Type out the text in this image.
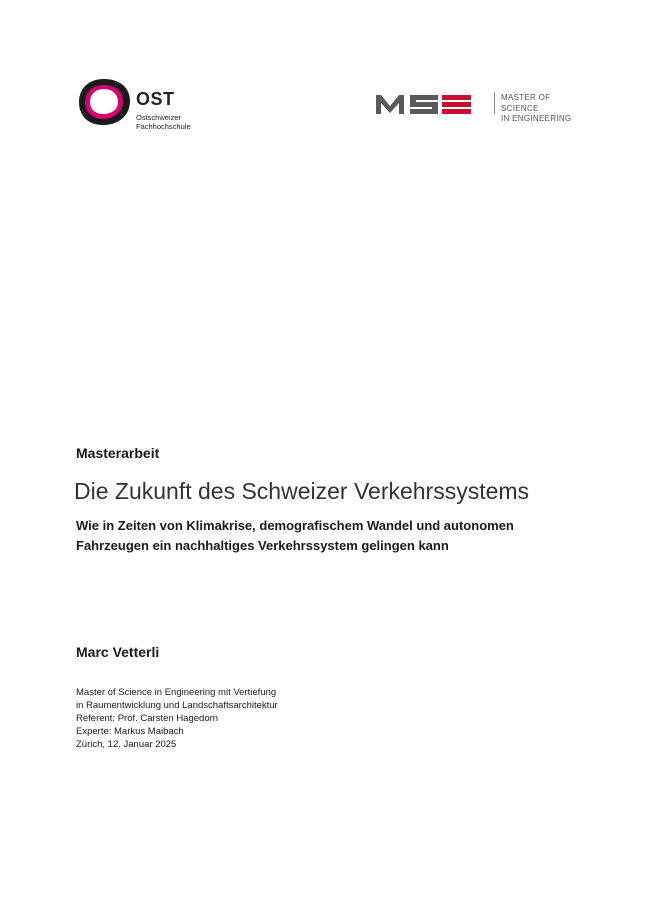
OST
Ostschweizer
Fachhochschule
MASTER OF SCIENCE
IN ENGINEERING
Masterarbeit
Die Zukunft des Schweizer Verkehrssystems
Wie in Zeiten von Klimakrise, demografischem Wandel und autonomen Fahrzeugen ein nachhaltiges Verkehrssystem gelingen kann
Marc Vetterli
Master of Science in Engineering mit Vertiefung
in Raumentwicklung und Landschaftsarchitektur
Referent: Prof. Carsten Hagedorn
Experte: Markus Maibach
Zürich, 12. Januar 2025
